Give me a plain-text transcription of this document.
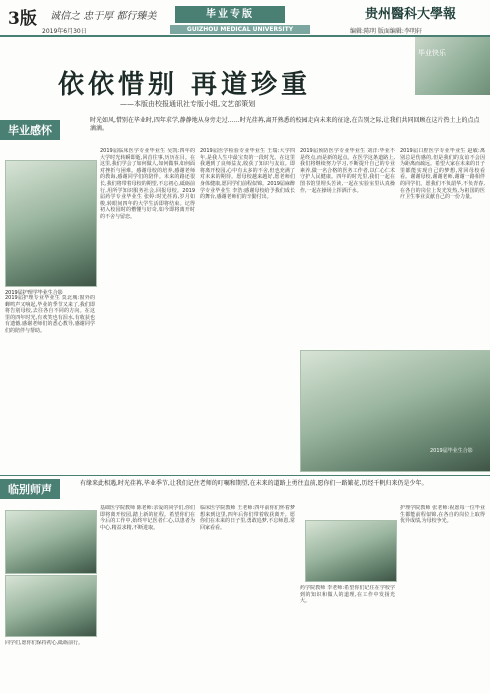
3版 诚信之 忠于厚 都行臻美	毕业专版	贵州醫科大學報
2019年6月30日	GUIZHOU MEDICAL UNIVERSITY	编辑:陈明 版面编辑:李明轩
毕业快乐
依依惜别 再道珍重
——本版由校报通讯社专版小组,文艺部策划
毕业感怀
时光如风,惜别在毕业时,四年求学,静静地从身旁走过……时光荏苒,离开熟悉的校园走向未来的征途,在告别之际,让我们共同回顾在这片热土上的点点滴滴。
2019届护理学毕业生合影
2019届护理专业毕业生 莫北城:窗外的蝉鸣声又响起,毕业的季节又来了,我们即将告别母校,去往各自不同的方向。在这里的四年时光,有欢笑也有泪水,有收获也有遗憾,感谢老师们的悉心教导,感谢同学们的陪伴与帮助。
2019届临床医学专业毕业生 吴凯:四年的大学时光转瞬即逝,回首往事,历历在目。在这里,我们学会了如何做人,如何做事,如何面对挫折与困难。感谢母校的培养,感谢老师的教诲,感谢同学们的陪伴。未来的路还很长,我们将带着母校的期望,不忘初心,砥砺前行,用所学知识服务社会,回报母校。2019届药学专业毕业生 张婷:时光荏苒,岁月如梭,转眼间四年的大学生活即将结束。记得初入校园时的懵懂与好奇,如今即将离开时的不舍与留恋。
2019届医学检验专业毕业生 王瑞:大学四年,是我人生中最宝贵的一段时光。在这里我遇到了良师益友,收获了知识与友谊。即将离开校园,心中有太多的不舍,但也充满了对未来的期待。愿母校越来越好,愿老师们身体健康,愿同学们前程似锦。2019届麻醉学专业毕业生 李浩:感谢母校给予我们成长的舞台,感谢老师们的辛勤付出。
2019届预防医学专业毕业生 刘洋:毕业不是终点,而是新的起点。在医学这条道路上,我们将继续努力学习,不断提升自己的专业素养,做一名合格的医务工作者,以仁心仁术守护人民健康。四年的时光里,我们一起在图书馆里埋头苦读,一起在实验室里认真操作,一起在操场上挥洒汗水。
2019届口腔医学专业毕业生 赵敏:离别总是伤感的,但是我们的友谊不会因为距离而疏远。希望大家在未来的日子里都能实现自己的梦想,常回母校看看。谢谢母校,谢谢老师,谢谢一路相伴的同学们。愿我们不负韶华,不负青春,在各自的岗位上发光发热,为祖国的医疗卫生事业贡献自己的一份力量。
2019届毕业生合影
临别师声	有缘来此相遇,时光荏苒,毕业季节,让我们记住老师的叮嘱和期望,在未来的道路上勇往直前,愿你们一路繁花,历经千帆归来仍是少年。
同学们,愿你们保持初心,砥砺前行。
基础医学院教师 陈老师:亲爱的同学们,你们即将离开校园,踏上新的征程。希望你们在今后的工作中,始终牢记医者仁心,以患者为中心,精益求精,不断进取。
临床医学院教师 王老师:四年前你们怀着梦想来到这里,四年后你们带着收获离开。愿你们在未来的日子里,勇敢追梦,不忘师恩,常回家看看。
药学院教师 李老师:希望你们记住在学校学到的知识和做人的道理,在工作中发扬光大。
护理学院教师 张老师:祝愿每一位毕业生都能前程似锦,在各自的岗位上取得优异成绩,为母校争光。
